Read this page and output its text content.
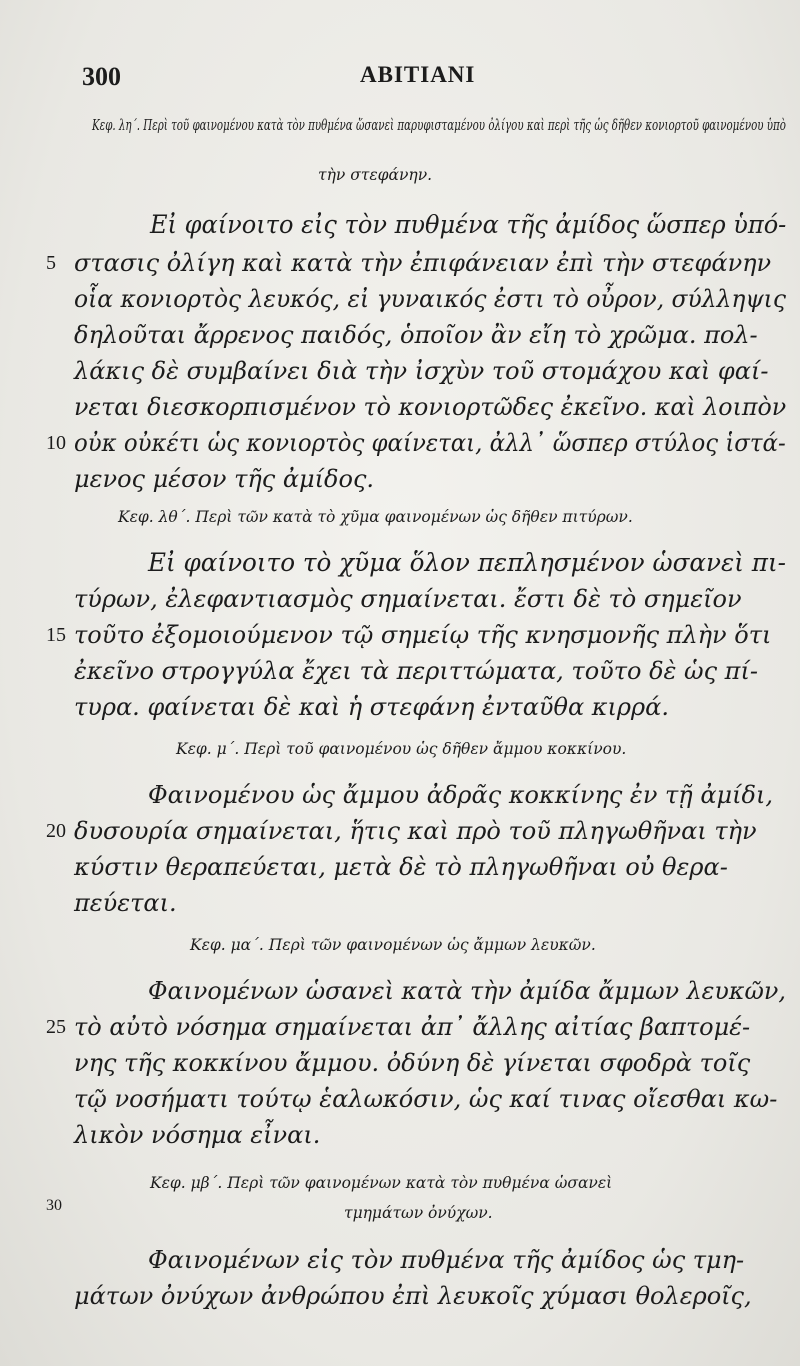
300	ABITIANI
Κεφ. λη΄. Περὶ τοῦ φαινομένου κατὰ τὸν πυθμένα ὥσανεὶ παρυφισταμένου ὀλίγου καὶ περὶ τῆς ὡς δῆθεν κονιορτοῦ φαινομένου ὑπὸ
τὴν στεφάνην.
Εἰ φαίνοιτο εἰς τὸν πυθμένα τῆς ἀμίδος ὥσπερ ὑπό-
στασις ὀλίγη καὶ κατὰ τὴν ἐπιφάνειαν ἐπὶ τὴν στεφάνην
οἷα κονιορτὸς λευκός, εἰ γυναικός ἐστι τὸ οὖρον, σύλληψις
δηλοῦται ἄρρενος παιδός, ὁποῖον ἂν εἴη τὸ χρῶμα. πολ-
λάκις δὲ συμβαίνει διὰ τὴν ἰσχὺν τοῦ στομάχου καὶ φαί-
νεται διεσκορπισμένον τὸ κονιορτῶδες ἐκεῖνο. καὶ λοιπὸν
οὐκ οὐκέτι ὡς κονιορτὸς φαίνεται, ἀλλ᾿ ὥσπερ στύλος ἱστά-
μενος μέσον τῆς ἀμίδος.
5
10
Κεφ. λθ΄. Περὶ τῶν κατὰ τὸ χῦμα φαινομένων ὡς δῆθεν πιτύρων.
Εἰ φαίνοιτο τὸ χῦμα ὅλον πεπλησμένον ὡσανεὶ πι-
τύρων, ἐλεφαντιασμὸς σημαίνεται. ἔστι δὲ τὸ σημεῖον
τοῦτο ἐξομοιούμενον τῷ σημείῳ τῆς κνησμονῆς πλὴν ὅτι
ἐκεῖνο στρογγύλα ἔχει τὰ περιττώματα, τοῦτο δὲ ὡς πί-
τυρα. φαίνεται δὲ καὶ ἡ στεφάνη ἐνταῦθα κιρρά.
15
Κεφ. μ΄. Περὶ τοῦ φαινομένου ὡς δῆθεν ἄμμου κοκκίνου.
Φαινομένου ὡς ἄμμου ἀδρᾶς κοκκίνης ἐν τῇ ἀμίδι,
δυσουρία σημαίνεται, ἥτις καὶ πρὸ τοῦ πληγωθῆναι τὴν
κύστιν θεραπεύεται, μετὰ δὲ τὸ πληγωθῆναι οὐ θερα-
πεύεται.
20
Κεφ. μα΄. Περὶ τῶν φαινομένων ὡς ἄμμων λευκῶν.
Φαινομένων ὡσανεὶ κατὰ τὴν ἀμίδα ἄμμων λευκῶν,
τὸ αὐτὸ νόσημα σημαίνεται ἀπ᾿ ἄλλης αἰτίας βαπτομέ-
νης τῆς κοκκίνου ἄμμου. ὀδύνη δὲ γίνεται σφοδρὰ τοῖς
τῷ νοσήματι τούτῳ ἑαλωκόσιν, ὡς καί τινας οἴεσθαι κω-
λικὸν νόσημα εἶναι.
25
Κεφ. μβ΄. Περὶ τῶν φαινομένων κατὰ τὸν πυθμένα ὡσανεὶ
τμημάτων ὀνύχων.
30
Φαινομένων εἰς τὸν πυθμένα τῆς ἀμίδος ὡς τμη-
μάτων ὀνύχων ἀνθρώπου ἐπὶ λευκοῖς χύμασι θολεροῖς,
